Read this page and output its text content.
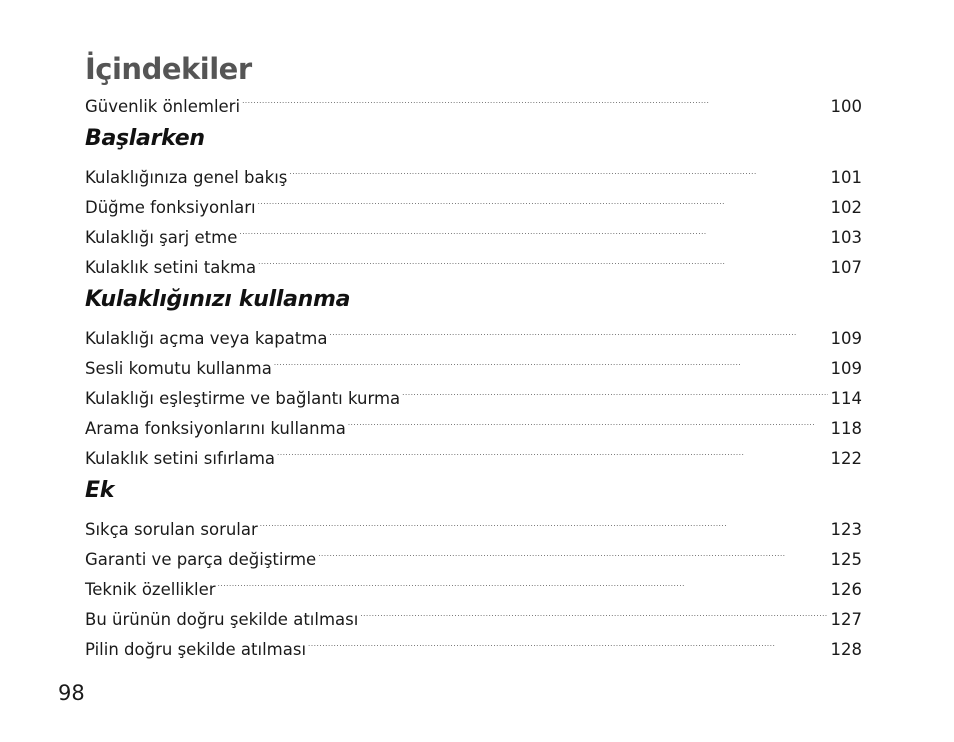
İçindekiler
Güvenlik önlemleri . . .	100
Başlarken
Kulaklığınıza genel bakış . . .	101
Düğme fonksiyonları . . .	102
Kulaklığı şarj etme . . .	103
Kulaklık setini takma . . .	107
Kulaklığınızı kullanma
Kulaklığı açma veya kapatma . . .	109
Sesli komutu kullanma . . .	109
Kulaklığı eşleştirme ve bağlantı kurma . . .	114
Arama fonksiyonlarını kullanma . . .	118
Kulaklık setini sıfırlama . . .	122
Ek
Sıkça sorulan sorular . . .	123
Garanti ve parça değiştirme . . .	125
Teknik özellikler . . .	126
Bu ürünün doğru şekilde atılması . . .	127
Pilin doğru şekilde atılması . . .	128
98
